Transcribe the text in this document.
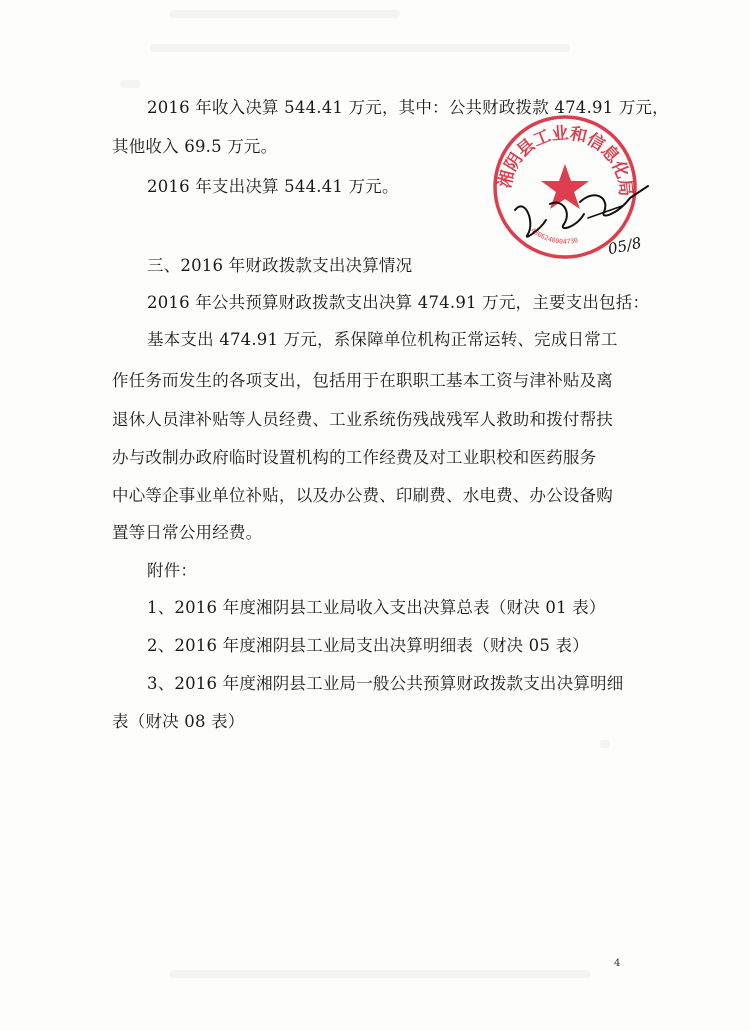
2016 年收入决算 544.41 万元，其中：公共财政拨款 474.91 万元，
其他收入 69.5 万元。
2016 年支出决算 544.41 万元。
三、2016 年财政拨款支出决算情况
2016 年公共预算财政拨款支出决算 474.91 万元，主要支出包括：
基本支出 474.91 万元，系保障单位机构正常运转、完成日常工
作任务而发生的各项支出，包括用于在职职工基本工资与津补贴及离
退休人员津补贴等人员经费、工业系统伤残战残军人救助和拨付帮扶
办与改制办政府临时设置机构的工作经费及对工业职校和医药服务
中心等企事业单位补贴，以及办公费、印刷费、水电费、办公设备购
置等日常公用经费。
附件：
1、2016 年度湘阴县工业局收入支出决算总表（财决 01 表）
2、2016 年度湘阴县工业局支出决算明细表（财决 05 表）
3、2016 年度湘阴县工业局一般公共预算财政拨款支出决算明细
表（财决 08 表）
湘阴县工业和信息化局
4306240004730 05/8
4
